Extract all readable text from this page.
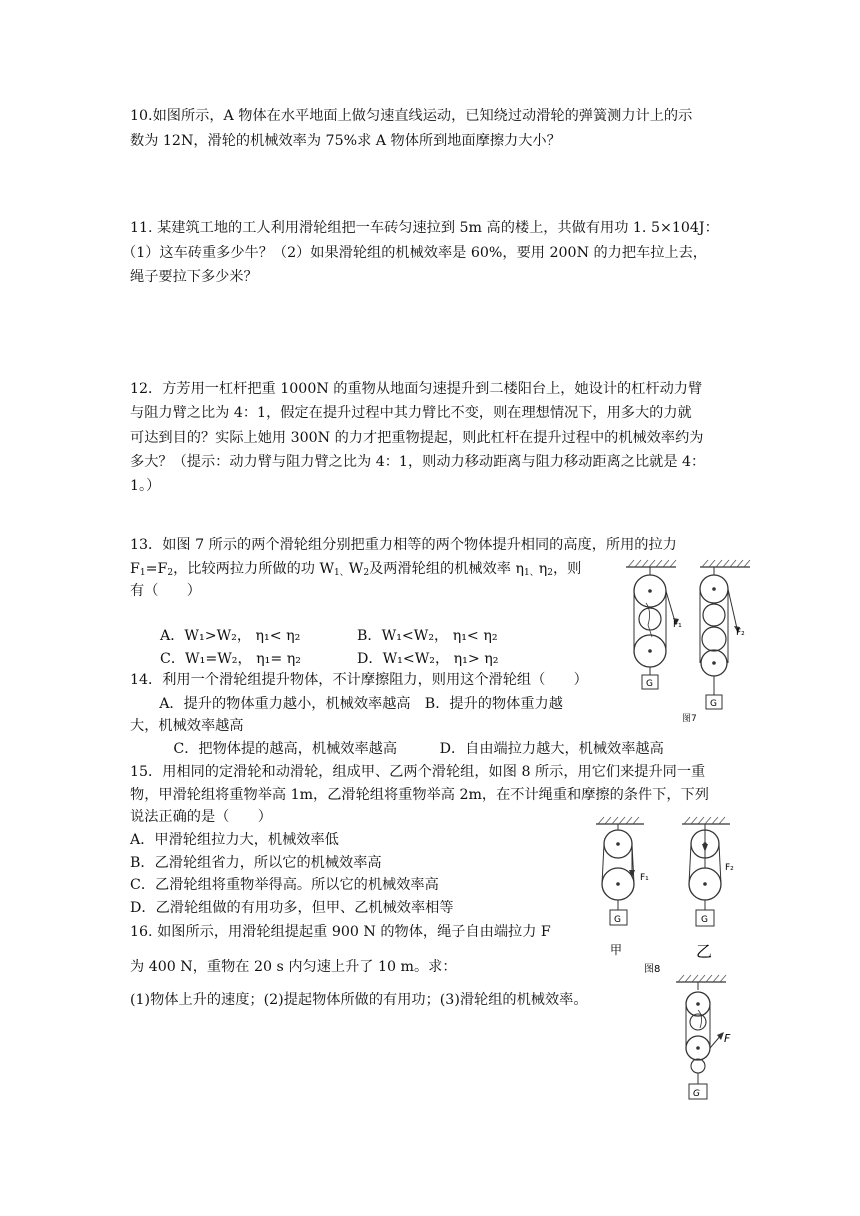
10.如图所示，A 物体在水平地面上做匀速直线运动，已知绕过动滑轮的弹簧测力计上的示
数为 12N，滑轮的机械效率为 75%求 A 物体所到地面摩擦力大小？
11. 某建筑工地的工人利用滑轮组把一车砖匀速拉到 5m 高的楼上，共做有用功 1. 5×104J：
（1）这车砖重多少牛？（2）如果滑轮组的机械效率是 60%，要用 200N 的力把车拉上去，
绳子要拉下多少米？
12．方芳用一杠杆把重 1000N 的重物从地面匀速提升到二楼阳台上，她设计的杠杆动力臂
与阻力臂之比为 4：1，假定在提升过程中其力臂比不变，则在理想情况下，用多大的力就
可达到目的？实际上她用 300N 的力才把重物提起，则此杠杆在提升过程中的机械效率约为
多大？（提示：动力臂与阻力臂之比为 4：1，则动力移动距离与阻力移动距离之比就是 4：
1。）
13．如图 7 所示的两个滑轮组分别把重力相等的两个物体提升相同的高度，所用的拉力
$F_1=F_2$，比较两拉力所做的功 $W_{1、}W_2$及两滑轮组的机械效率 $\eta_{1、}\eta_2$，则
有（　　）
A．W₁>W₂， η₁< η₂	B．W₁<W₂， η₁< η₂
C．W₁=W₂， η₁= η₂	D．W₁<W₂， η₁> η₂
14．利用一个滑轮组提升物体，不计摩擦阻力，则用这个滑轮组（　　）
　A．提升的物体重力越小，机械效率越高　B．提升的物体重力越
大，机械效率越高
　　C．把物体提的越高，机械效率越高　　　D．自由端拉力越大，机械效率越高
15．用相同的定滑轮和动滑轮，组成甲、乙两个滑轮组，如图 8 所示，用它们来提升同一重
物，甲滑轮组将重物举高 1m，乙滑轮组将重物举高 2m，在不计绳重和摩擦的条件下，下列
说法正确的是（　　）
A．甲滑轮组拉力大，机械效率低
B．乙滑轮组省力，所以它的机械效率高
C．乙滑轮组将重物举得高。所以它的机械效率高
D．乙滑轮组做的有用功多，但甲、乙机械效率相等
16. 如图所示，用滑轮组提起重 900 N 的物体，绳子自由端拉力 F
为 400 N，重物在 20 s 内匀速上升了 10 m。求：
(1)物体上升的速度；(2)提起物体所做的有用功；(3)滑轮组的机械效率。
G
F₁
G
F₂
图7
G
F₁
G
F₂
甲	乙
图8
F
G
